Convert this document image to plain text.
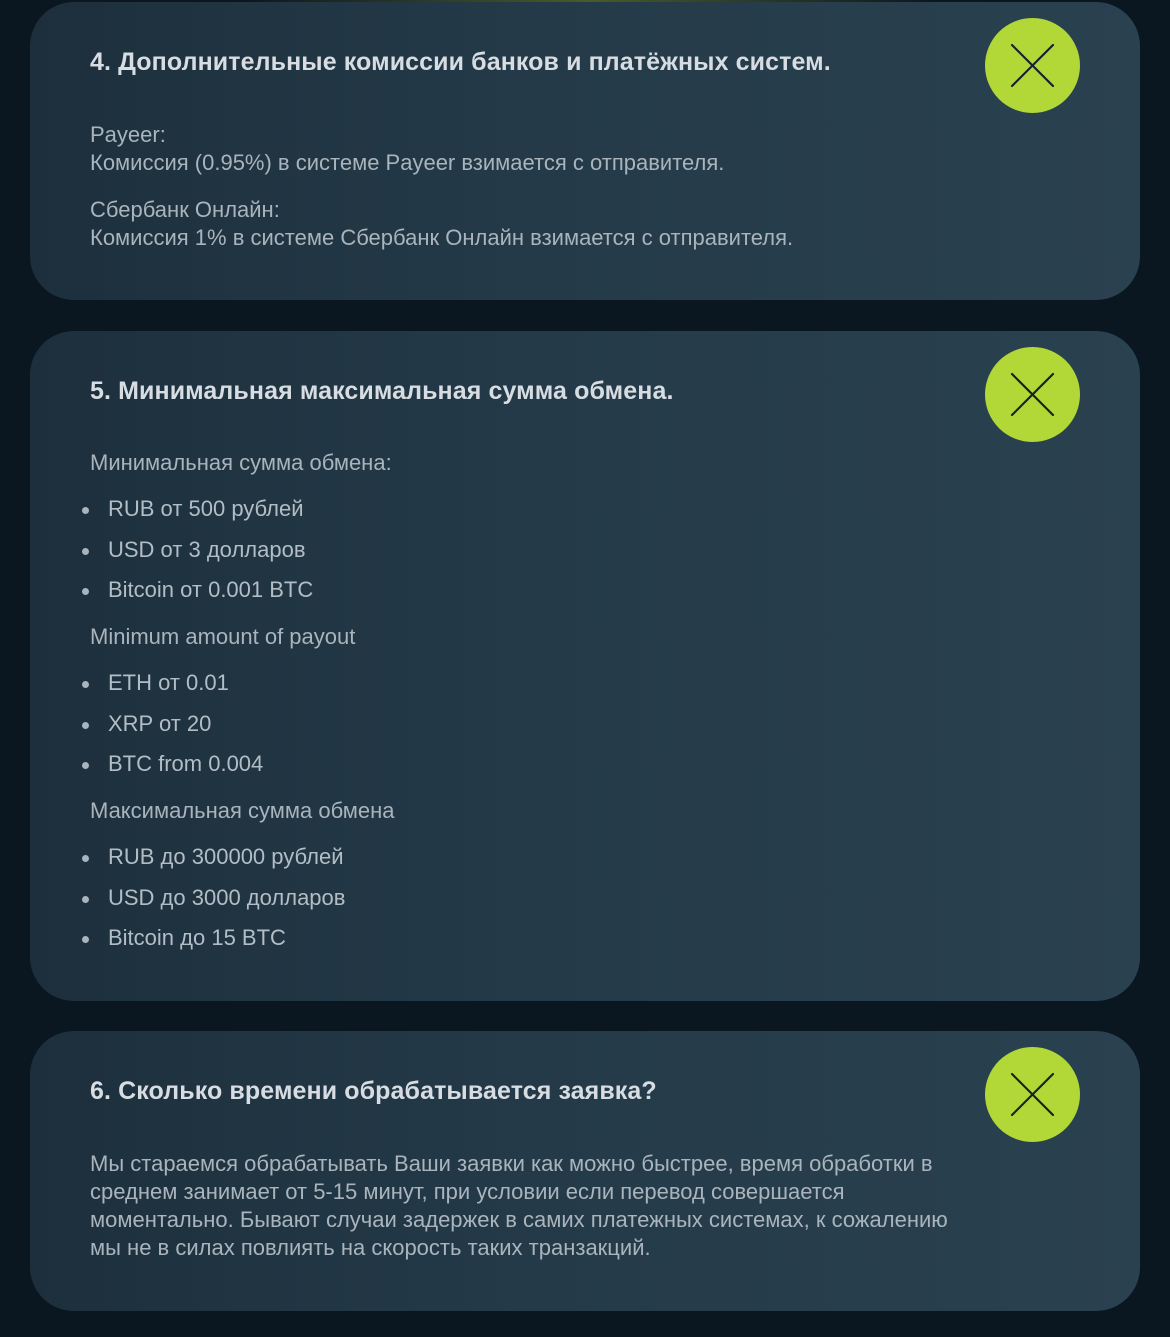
4. Дополнительные комиссии банков и платёжных систем.

Payeer:

Комиссия (0.95%) в системе Payeer взимается с отправителя.

Сбербанк Онлайн:

Комиссия 1% в системе Сбербанк Онлайн взимается с отправителя.

5. Минимальная максимальная сумма обмена.
Минимальная сумма обмена:
RUB от 500 рублей
USD от 3 долларов
Bitcoin от 0.001 BTC
Minimum amount of payout
ETH от 0.01
XRP от 20
BTC from 0.004
Максимальная сумма обмена
RUB до 300000 рублей
USD до 3000 долларов
Bitcoin до 15 BTC
6. Сколько времени обрабатывается заявка?

Мы стараемся обрабатывать Ваши заявки как можно быстрее, время обработки в

среднем занимает от 5-15 минут, при условии если перевод совершается

моментально. Бывают случаи задержек в самих платежных системах, к сожалению

мы не в силах повлиять на скорость таких транзакций.
